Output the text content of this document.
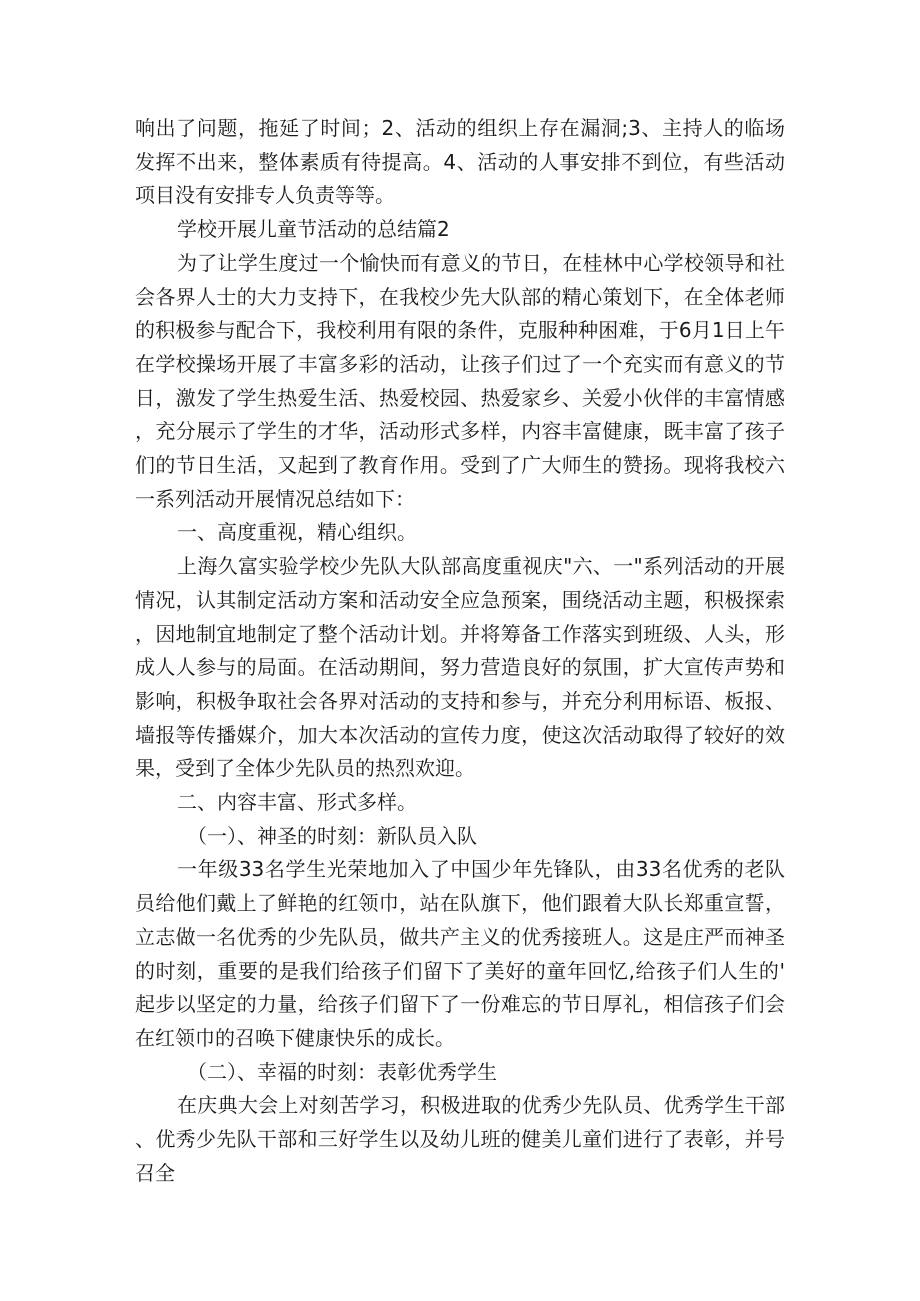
响出了问题，拖延了时间；2、活动的组织上存在漏洞;3、主持人的临场发挥不出来，整体素质有待提高。4、活动的人事安排不到位，有些活动项目没有安排专人负责等等。

学校开展儿童节活动的总结篇2

为了让学生度过一个愉快而有意义的节日，在桂林中心学校领导和社会各界人士的大力支持下，在我校少先大队部的精心策划下，在全体老师的积极参与配合下，我校利用有限的条件，克服种种困难，于6月1日上午在学校操场开展了丰富多彩的活动，让孩子们过了一个充实而有意义的节日，激发了学生热爱生活、热爱校园、热爱家乡、关爱小伙伴的丰富情感，充分展示了学生的才华，活动形式多样，内容丰富健康，既丰富了孩子们的节日生活，又起到了教育作用。受到了广大师生的赞扬。现将我校六一系列活动开展情况总结如下：

一、高度重视，精心组织。

上海久富实验学校少先队大队部高度重视庆"六、一"系列活动的开展情况，认其制定活动方案和活动安全应急预案，围绕活动主题，积极探索，因地制宜地制定了整个活动计划。并将筹备工作落实到班级、人头，形成人人参与的局面。在活动期间，努力营造良好的氛围，扩大宣传声势和影响，积极争取社会各界对活动的支持和参与，并充分利用标语、板报、墙报等传播媒介，加大本次活动的宣传力度，使这次活动取得了较好的效果，受到了全体少先队员的热烈欢迎。

二、内容丰富、形式多样。

（一）、神圣的时刻：新队员入队

一年级33名学生光荣地加入了中国少年先锋队，由33名优秀的老队员给他们戴上了鲜艳的红领巾，站在队旗下，他们跟着大队长郑重宣誓，立志做一名优秀的少先队员，做共产主义的优秀接班人。这是庄严而神圣的时刻，重要的是我们给孩子们留下了美好的童年回忆,给孩子们人生的'起步以坚定的力量，给孩子们留下了一份难忘的节日厚礼，相信孩子们会在红领巾的召唤下健康快乐的成长。

（二）、幸福的时刻：表彰优秀学生

在庆典大会上对刻苦学习，积极进取的优秀少先队员、优秀学生干部、优秀少先队干部和三好学生以及幼儿班的健美儿童们进行了表彰，并号召全
